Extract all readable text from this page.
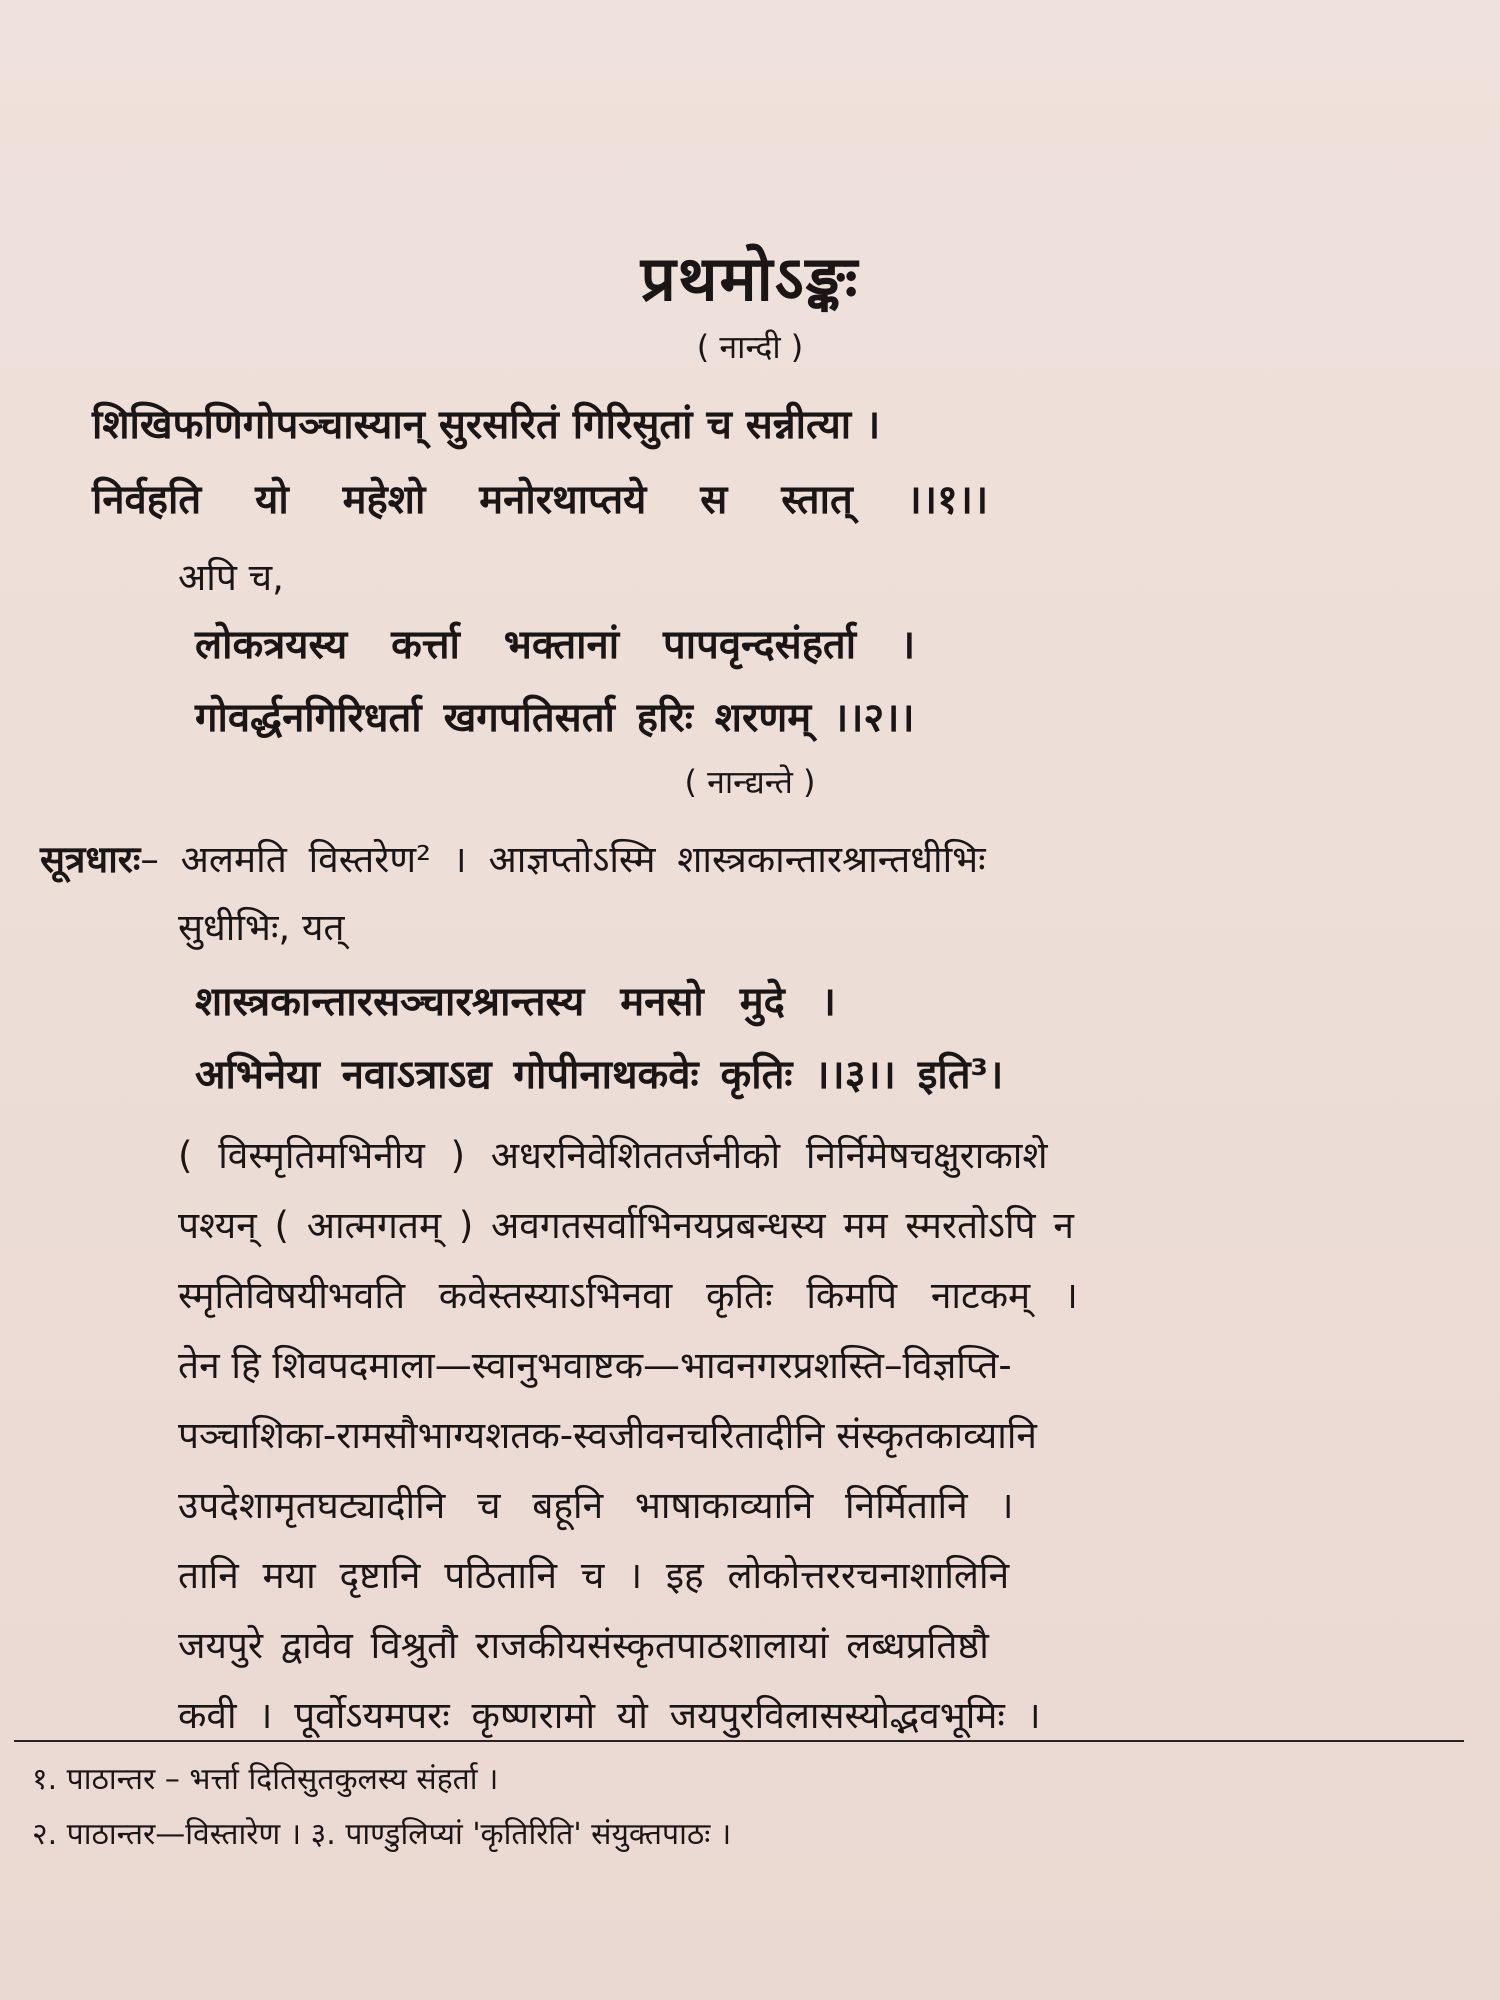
प्रथमोऽङ्कः
( नान्दी )
शिखिफणिगोपञ्चास्यान् सुरसरितं गिरिसुतां च सन्नीत्या ।
निर्वहति यो महेशो मनोरथाप्तये स स्तात् ।।१।।
अपि च,
लोकत्रयस्य कर्त्ता भक्तानां पापवृन्दसंहर्ता ।
गोवर्द्धनगिरिधर्ता खगपतिसर्ता हरिः शरणम् ।।२।।
( नान्द्यन्ते )
सूत्रधारः– अलमति विस्तरेण² । आज्ञप्तोऽस्मि शास्त्रकान्तारश्रान्तधीभिः
सुधीभिः, यत्
शास्त्रकान्तारसञ्चारश्रान्तस्य मनसो मुदे ।
अभिनेया नवाऽत्राऽद्य गोपीनाथकवेः कृतिः ।।३।। इति³।
( विस्मृतिमभिनीय ) अधरनिवेशिततर्जनीको निर्निमेषचक्षुराकाशे
पश्यन् ( आत्मगतम् ) अवगतसर्वाभिनयप्रबन्धस्य मम स्मरतोऽपि न
स्मृतिविषयीभवति कवेस्तस्याऽभिनवा कृतिः किमपि नाटकम् ।
तेन हि शिवपदमाला—स्वानुभवाष्टक—भावनगरप्रशस्ति–विज्ञप्ति-
पञ्चाशिका-रामसौभाग्यशतक-स्वजीवनचरितादीनि संस्कृतकाव्यानि
उपदेशामृतघट्यादीनि च बहूनि भाषाकाव्यानि निर्मितानि ।
तानि मया दृष्टानि पठितानि च । इह लोकोत्तररचनाशालिनि
जयपुरे द्वावेव विश्रुतौ राजकीयसंस्कृतपाठशालायां लब्धप्रतिष्ठौ
कवी । पूर्वोऽयमपरः कृष्णरामो यो जयपुरविलासस्योद्भवभूमिः ।
१. पाठान्तर – भर्त्ता दितिसुतकुलस्य संहर्ता ।
२. पाठान्तर—विस्तारेण । ३. पाण्डुलिप्यां 'कृतिरिति' संयुक्तपाठः ।
